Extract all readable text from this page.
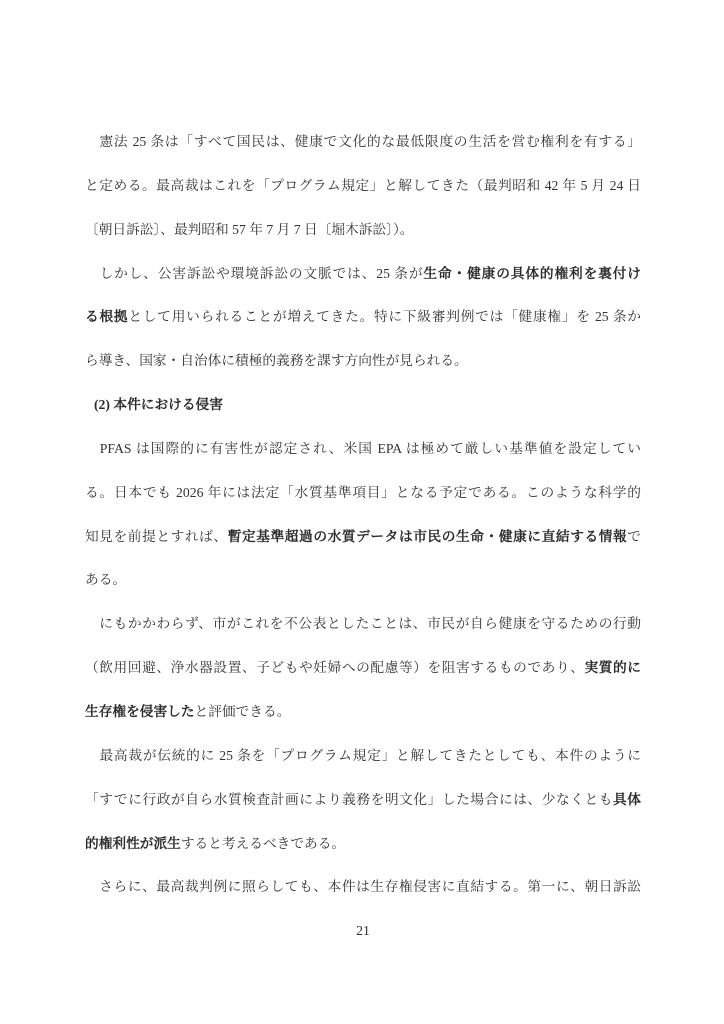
　憲法 25 条は「すべて国民は、健康で文化的な最低限度の生活を営む権利を有する」
と定める。最高裁はこれを「プログラム規定」と解してきた（最判昭和 42 年 5 月 24 日
〔朝日訴訟〕、最判昭和 57 年 7 月 7 日〔堀木訴訟〕）。
　しかし、公害訴訟や環境訴訟の文脈では、25 条が生命・健康の具体的権利を裏付け
る根拠として用いられることが増えてきた。特に下級審判例では「健康権」を 25 条か
ら導き、国家・自治体に積極的義務を課す方向性が見られる。
(2) 本件における侵害
　PFAS は国際的に有害性が認定され、米国 EPA は極めて厳しい基準値を設定してい
る。日本でも 2026 年には法定「水質基準項目」となる予定である。このような科学的
知見を前提とすれば、暫定基準超過の水質データは市民の生命・健康に直結する情報で
ある。
　にもかかわらず、市がこれを不公表としたことは、市民が自ら健康を守るための行動
（飲用回避、浄水器設置、子どもや妊婦への配慮等）を阻害するものであり、実質的に
生存権を侵害したと評価できる。
　最高裁が伝統的に 25 条を「プログラム規定」と解してきたとしても、本件のように
「すでに行政が自ら水質検査計画により義務を明文化」した場合には、少なくとも具体
的権利性が派生すると考えるべきである。
　さらに、最高裁判例に照らしても、本件は生存権侵害に直結する。第一に、朝日訴訟
21
